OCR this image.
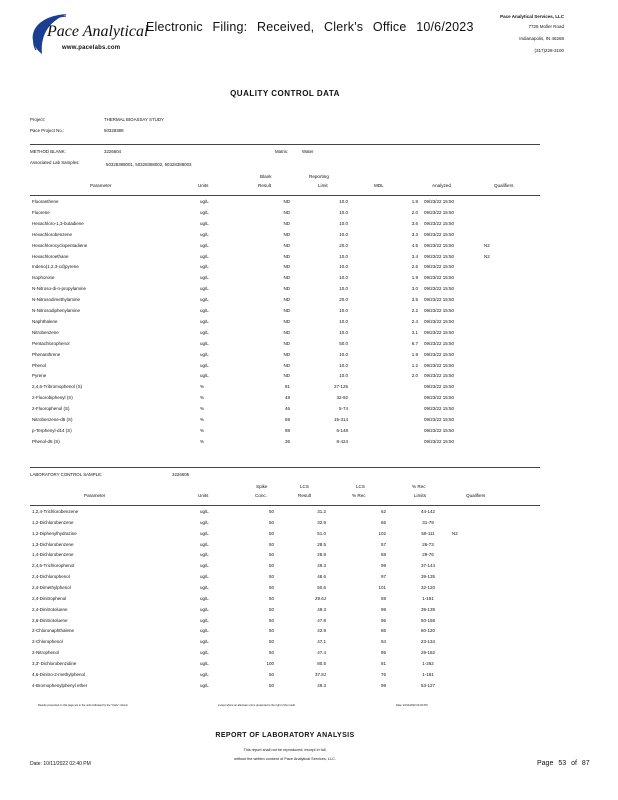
Pace Analytical
www.pacelabs.com
Electronic Filing: Received, Clerk's Office 10/6/2023
Pace Analytical Services, LLC
7726 Moller Road
Indianapolis, IN 46268
(317)228-3100
QUALITY CONTROL DATA
Project:	THERMAL BIOASSAY STUDY
Pace Project No.:	50328388
METHOD BLANK:	3226604	Matrix:	Water
Associated Lab Samples:	50328388001, 50328388002, 50328388003
Blank
Result
Reporting
Limit
Parameter	Units	MDL	Analyzed	Qualifiers
Fluoranthene	ug/L	ND	10.0	1.8 09/23/22 15:50
Fluorene	ug/L	ND	10.0	2.0 09/23/22 15:50
Hexachloro-1,3-butadiene	ug/L	ND	10.0	3.6 09/23/22 15:50
Hexachlorobenzene	ug/L	ND	10.0	3.3 09/23/22 15:50
Hexachlorocyclopentadiene	ug/L	ND	20.0	4.5 09/23/22 15:50	N2
Hexachloroethane	ug/L	ND	10.0	3.4 09/23/22 15:50	N2
Indeno(1,2,3-cd)pyrene	ug/L	ND	10.0	2.6 09/23/22 15:50
Isophorone	ug/L	ND	10.0	1.9 09/23/22 15:50
N-Nitroso-di-n-propylamine	ug/L	ND	10.0	3.0 09/23/22 15:50
N-Nitrosodimethylamine	ug/L	ND	20.0	3.5 09/23/22 15:50
N-Nitrosodiphenylamine	ug/L	ND	10.0	2.2 09/23/22 15:50
Naphthalene	ug/L	ND	10.0	2.4 09/23/22 15:50
Nitrobenzene	ug/L	ND	10.0	3.1 09/23/22 15:50
Pentachlorophenol	ug/L	ND	50.0	6.7 09/23/22 15:50
Phenanthrene	ug/L	ND	10.0	1.9 09/23/22 15:50
Phenol	ug/L	ND	10.0	1.2 09/23/22 15:50
Pyrene	ug/L	ND	10.0	2.0 09/23/22 15:50
2,4,6-Tribromophenol (S)	%	81	27-125	09/23/22 15:50
2-Fluorobiphenyl (S)	%	48	32-92	09/23/22 15:50
2-Fluorophenol (S)	%	46	5-74	09/23/22 15:50
Nitrobenzene-d5 (S)	%	69	15-314	09/23/22 15:50
p-Terphenyl-d14 (S)	%	98	6-148	09/23/22 15:50
Phenol-d5 (S)	%	36	8-424	09/23/22 15:50
LABORATORY CONTROL SAMPLE:	3226605
Spike
Conc.
LCS
Result
LCS
% Rec
% Rec
Limits
Parameter	Units	Qualifiers
1,2,4-Trichlorobenzene	ug/L	50	31.2	62	44-142
1,2-Dichlorobenzene	ug/L	50	32.9	66	31-79
1,2-Diphenylhydrazine	ug/L	50	51.0	102	59-111	N2
1,3-Dichlorobenzene	ug/L	50	28.5	57	26-73
1,4-Dichlorobenzene	ug/L	50	28.8	58	29-76
2,4,6-Trichlorophenol	ug/L	50	49.3	99	37-144
2,4-Dichlorophenol	ug/L	50	48.6	97	39-135
2,4-Dimethylphenol	ug/L	50	50.6	101	32-120
2,4-Dinitrophenol	ug/L	50	29.6J	59	1-191
2,4-Dinitrotoluene	ug/L	50	49.3	99	39-139
2,6-Dinitrotoluene	ug/L	50	47.8	96	50-158
2-Chloronaphthalene	ug/L	50	42.9	86	60-120
2-Chlorophenol	ug/L	50	47.1	94	23-134
2-Nitrophenol	ug/L	50	47.4	95	29-182
3,3'-Dichlorobenzidine	ug/L	100	80.5	81	1-262
4,6-Dinitro-2-methylphenol	ug/L	50	37.8J	76	1-181
4-Bromophenylphenyl ether	ug/L	50	49.3	99	53-127
Results presented on this page are in the units indicated by the "Units" column	except where an alternate unit is presented to the right of the result.	Date: 10/11/2022 02:40 PM
REPORT OF LABORATORY ANALYSIS
This report shall not be reproduced, except in full,
without the written consent of Pace Analytical Services, LLC.
Date: 10/11/2022 02:40 PM	Page 53 of 87
